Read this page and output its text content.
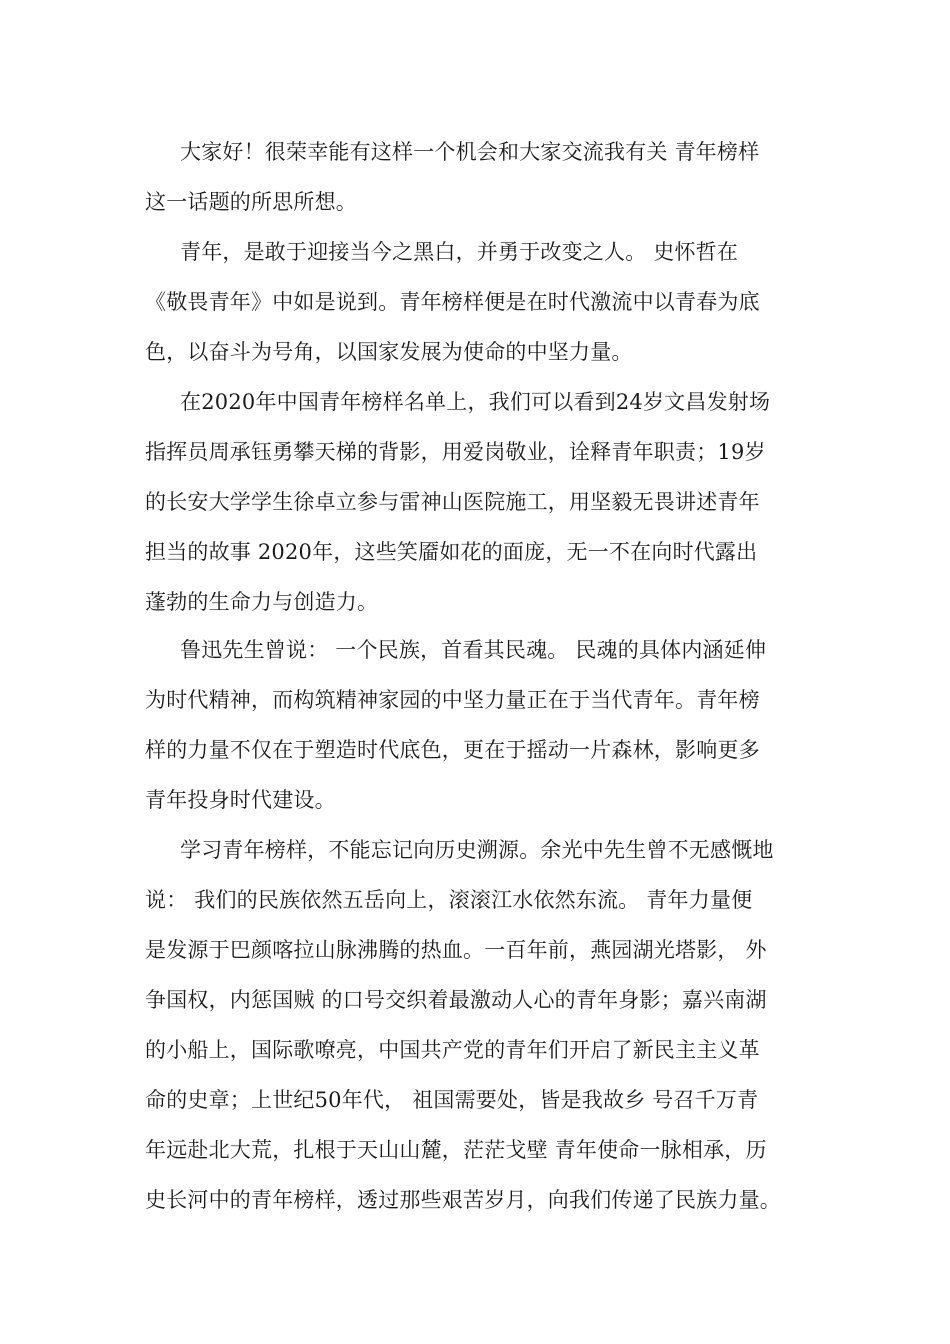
大家好！很荣幸能有这样一个机会和大家交流我有关 青年榜样
这一话题的所思所想。
青年，是敢于迎接当今之黑白，并勇于改变之人。 史怀哲在
《敬畏青年》中如是说到。青年榜样便是在时代激流中以青春为底
色，以奋斗为号角，以国家发展为使命的中坚力量。
在2020年中国青年榜样名单上，我们可以看到24岁文昌发射场
指挥员周承钰勇攀天梯的背影，用爱岗敬业，诠释青年职责；19岁
的长安大学学生徐卓立参与雷神山医院施工，用坚毅无畏讲述青年
担当的故事 2020年，这些笑靥如花的面庞，无一不在向时代露出
蓬勃的生命力与创造力。
鲁迅先生曾说： 一个民族，首看其民魂。 民魂的具体内涵延伸
为时代精神，而构筑精神家园的中坚力量正在于当代青年。青年榜
样的力量不仅在于塑造时代底色，更在于摇动一片森林，影响更多
青年投身时代建设。
学习青年榜样，不能忘记向历史溯源。余光中先生曾不无感慨地
说： 我们的民族依然五岳向上，滚滚江水依然东流。 青年力量便
是发源于巴颜喀拉山脉沸腾的热血。一百年前，燕园湖光塔影， 外
争国权，内惩国贼 的口号交织着最激动人心的青年身影；嘉兴南湖
的小船上，国际歌嘹亮，中国共产党的青年们开启了新民主主义革
命的史章；上世纪50年代， 祖国需要处，皆是我故乡 号召千万青
年远赴北大荒，扎根于天山山麓，茫茫戈壁 青年使命一脉相承，历
史长河中的青年榜样，透过那些艰苦岁月，向我们传递了民族力量。
